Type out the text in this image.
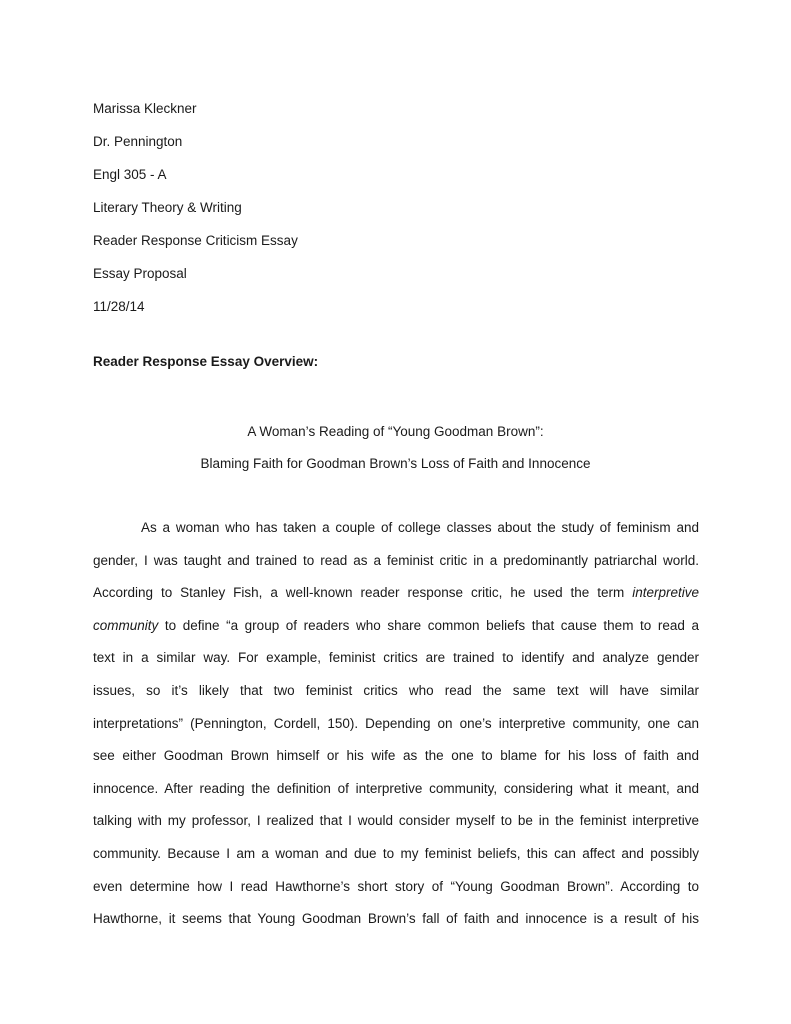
Marissa Kleckner
Dr. Pennington
Engl 305 - A
Literary Theory & Writing
Reader Response Criticism Essay
Essay Proposal
11/28/14
Reader Response Essay Overview:
A Woman’s Reading of “Young Goodman Brown”:
Blaming Faith for Goodman Brown’s Loss of Faith and Innocence
As a woman who has taken a couple of college classes about the study of feminism and
gender, I was taught and trained to read as a feminist critic in a predominantly patriarchal world.
According to Stanley Fish, a well-known reader response critic, he used the term interpretive
community to define “a group of readers who share common beliefs that cause them to read a
text in a similar way. For example, feminist critics are trained to identify and analyze gender
issues, so it’s likely that two feminist critics who read the same text will have similar
interpretations” (Pennington, Cordell, 150). Depending on one’s interpretive community, one can
see either Goodman Brown himself or his wife as the one to blame for his loss of faith and
innocence. After reading the definition of interpretive community, considering what it meant, and
talking with my professor, I realized that I would consider myself to be in the feminist interpretive
community. Because I am a woman and due to my feminist beliefs, this can affect and possibly
even determine how I read Hawthorne’s short story of “Young Goodman Brown”. According to
Hawthorne, it seems that Young Goodman Brown’s fall of faith and innocence is a result of his
